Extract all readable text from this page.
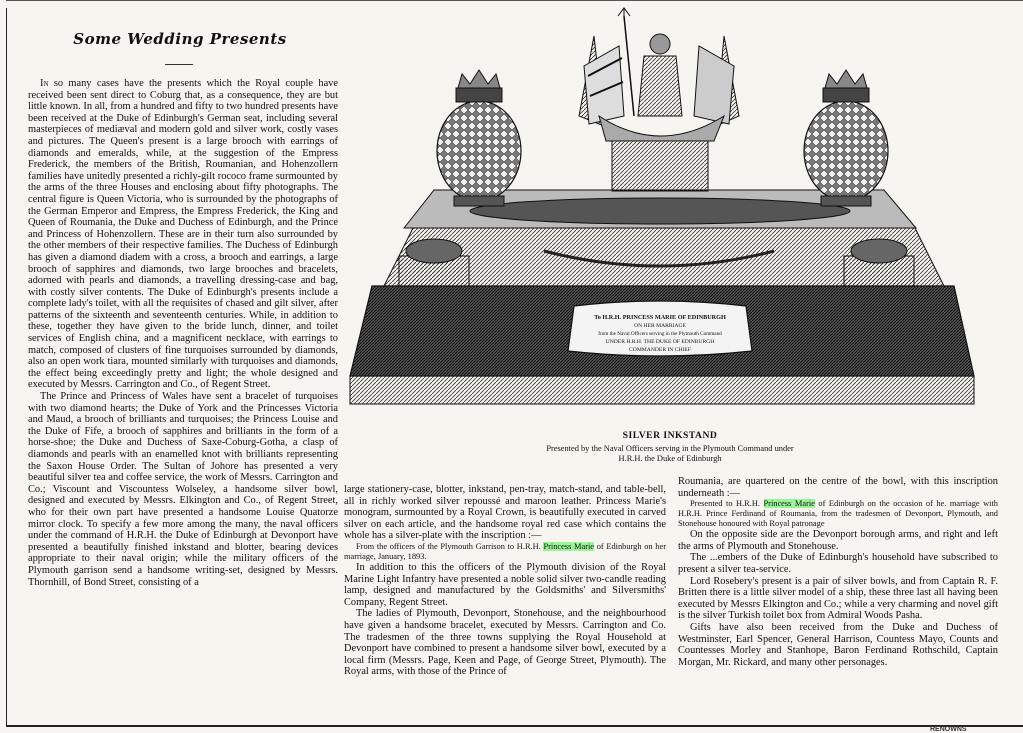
Some Wedding Presents

In so many cases have the presents which the Royal couple have received been sent direct to Coburg that, as a consequence, they are but little known. In all, from a hundred and fifty to two hundred presents have been received at the Duke of Edinburgh's German seat, including several masterpieces of mediæval and modern gold and silver work, costly vases and pictures. The Queen's present is a large brooch with earrings of diamonds and emeralds, while, at the suggestion of the Empress Frederick, the members of the British, Roumanian, and Hohenzollern families have unitedly presented a richly-gilt rococo frame surmounted by the arms of the three Houses and enclosing about fifty photographs. The central figure is Queen Victoria, who is surrounded by the photographs of the German Emperor and Empress, the Empress Frederick, the King and Queen of Roumania, the Duke and Duchess of Edinburgh, and the Prince and Princess of Hohenzollern. These are in their turn also surrounded by the other members of their respective families. The Duchess of Edinburgh has given a diamond diadem with a cross, a brooch and earrings, a large brooch of sapphires and diamonds, two large brooches and bracelets, adorned with pearls and diamonds, a travelling dressing-case and bag, with costly silver contents. The Duke of Edinburgh's presents include a complete lady's toilet, with all the requisites of chased and gilt silver, after patterns of the sixteenth and seventeenth centuries. While, in addition to these, together they have given to the bride lunch, dinner, and toilet services of English china, and a magnificent necklace, with earrings to match, composed of clusters of fine turquoises surrounded by diamonds, also an open work tiara, mounted similarly with turquoises and diamonds, the effect being exceedingly pretty and light; the whole designed and executed by Messrs. Carrington and Co., of Regent Street.

The Prince and Princess of Wales have sent a bracelet of turquoises with two diamond hearts; the Duke of York and the Princesses Victoria and Maud, a brooch of brilliants and turquoises; the Princess Louise and the Duke of Fife, a brooch of sapphires and brilliants in the form of a horse-shoe; the Duke and Duchess of Saxe-Coburg-Gotha, a clasp of diamonds and pearls with an enamelled knot with brilliants representing the Saxon House Order. The Sultan of Johore has presented a very beautiful silver tea and coffee service, the work of Messrs. Carrington and Co.; Viscount and Viscountess Wolseley, a handsome silver bowl, designed and executed by Messrs. Elkington and Co., of Regent Street, who for their own part have presented a handsome Louise Quatorze mirror clock. To specify a few more among the many, the naval officers under the command of H.R.H. the Duke of Edinburgh at Devonport have presented a beautifully finished inkstand and blotter, bearing devices appropriate to their naval origin; while the military officers of the Plymouth garrison send a handsome writing-set, designed by Messrs. Thornhill, of Bond Street, consisting of a

To H.R.H. PRINCESS MARIE OF EDINBURGH
ON HER MARRIAGE
from the Naval Officers serving in the Plymouth Command
UNDER H.R.H. THE DUKE OF EDINBURGH
COMMANDER IN CHIEF
SILVER INKSTAND
Presented by the Naval Officers serving in the Plymouth Command under
H.R.H. the Duke of Edinburgh

large stationery-case, blotter, inkstand, pen-tray, match-stand, and table-bell, all in richly worked silver repoussé and maroon leather. Princess Marie's monogram, surmounted by a Royal Crown, is beautifully executed in carved silver on each article, and the handsome royal red case which contains the whole has a silver-plate with the inscription :—

From the officers of the Plymouth Garrison to H.R.H. Princess Marie of Edinburgh on her marriage, January, 1893.

In addition to this the officers of the Plymouth division of the Royal Marine Light Infantry have presented a noble solid silver two-candle reading lamp, designed and manufactured by the Goldsmiths' and Silversmiths' Company, Regent Street.

The ladies of Plymouth, Devonport, Stonehouse, and the neighbourhood have given a handsome bracelet, executed by Messrs. Carrington and Co. The tradesmen of the three towns supplying the Royal Household at Devonport have combined to present a handsome silver bowl, executed by a local firm (Messrs. Page, Keen and Page, of George Street, Plymouth). The Royal arms, with those of the Prince of

Roumania, are quartered on the centre of the bowl, with this inscription underneath :—

Presented to H.R.H. Princess Marie of Edinburgh on the occasion of he. marriage with H.R.H. Prince Ferdinand of Roumania, from the tradesmen of Devonport, Plymouth, and Stonehouse honoured with Royal patronage

On the opposite side are the Devonport borough arms, and right and left the arms of Plymouth and Stonehouse.

The ...embers of the Duke of Edinburgh's household have subscribed to present a silver tea-service.

Lord Rosebery's present is a pair of silver bowls, and from Captain R. F. Britten there is a little silver model of a ship, these three last all having been executed by Messrs Elkington and Co.; while a very charming and novel gift is the silver Turkish toilet box from Admiral Woods Pasha.

Gifts have also been received from the Duke and Duchess of Westminster, Earl Spencer, General Harrison, Countess Mayo, Counts and Countesses Morley and Stanhope, Baron Ferdinand Rothschild, Captain Morgan, Mr. Rickard, and many other personages.

RENOWNS
